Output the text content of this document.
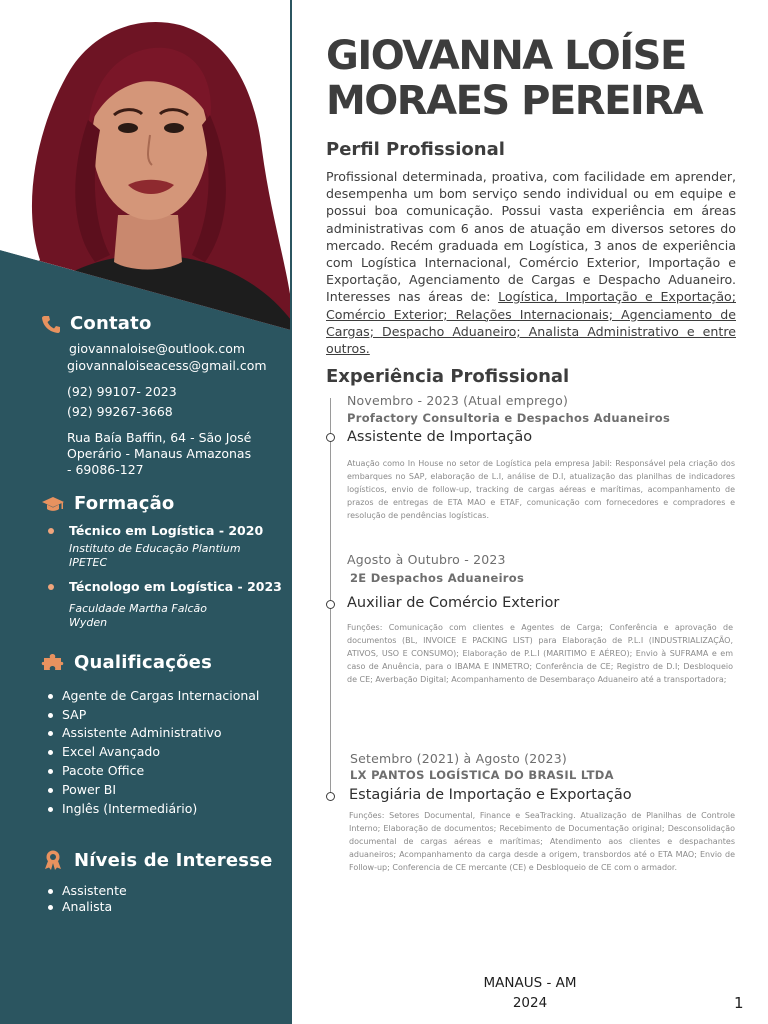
Contato
giovannaloise@outlook.com
giovannaloiseacess@gmail.com
(92) 99107- 2023
(92) 99267-3668
Rua Baía Baffin, 64 - São José
Operário - Manaus Amazonas
- 69086-127
Formação
Técnico em Logística - 2020
Instituto de Educação Plantium
IPETEC
Técnologo em Logística - 2023
Faculdade Martha Falcão
Wyden
Qualificações
Agente de Cargas Internacional
SAP
Assistente Administrativo
Excel Avançado
Pacote Office
Power BI
Inglês (Intermediário)
Níveis de Interesse
Assistente
Analista
GIOVANNA LOÍSE
MORAES PEREIRA
Perfil Profissional

Profissional determinada, proativa, com facilidade em aprender, desempenha um bom serviço sendo individual ou em equipe e possui boa comunicação. Possui vasta experiência em áreas administrativas com 6 anos de atuação em diversos setores do mercado. Recém graduada em Logística, 3 anos de experiência com Logística Internacional, Comércio Exterior, Importação e Exportação, Agenciamento de Cargas e Despacho Aduaneiro. Interesses nas áreas de: Logística, Importação e Exportação; Comércio Exterior; Relações Internacionais; Agenciamento de Cargas; Despacho Aduaneiro; Analista Administrativo e entre outros.

Experiência Profissional
Novembro - 2023 (Atual emprego)
Profactory Consultoria e Despachos Aduaneiros
Assistente de Importação

Atuação como In House no setor de Logística pela empresa Jabil: Responsável pela criação dos embarques no SAP, elaboração de L.I, análise de D.I, atualização das planilhas de indicadores logísticos, envio de follow-up, tracking de cargas aéreas e marítimas, acompanhamento de prazos de entregas de ETA MAO e ETAF, comunicação com fornecedores e compradores e resolução de pendências logísticas.

Agosto à Outubro - 2023
2E Despachos Aduaneiros
Auxiliar de Comércio Exterior

Funções: Comunicação com clientes e Agentes de Carga; Conferência e aprovação de documentos (BL, INVOICE E PACKING LIST) para Elaboração de P.L.I (INDUSTRIALIZAÇÃO, ATIVOS, USO E CONSUMO); Elaboração de P.L.I (MARITIMO E AÉREO); Envio à SUFRAMA e em caso de Anuência, para o IBAMA E INMETRO; Conferência de CE; Registro de D.I; Desbloqueio de CE; Averbação Digital; Acompanhamento de Desembaraço Aduaneiro até a transportadora;

Setembro (2021) à Agosto (2023)
LX PANTOS LOGÍSTICA DO BRASIL LTDA
Estagiária de Importação e Exportação

Funções: Setores Documental, Finance e SeaTracking. Atualização de Planilhas de Controle Interno; Elaboração de documentos; Recebimento de Documentação original; Desconsolidação documental de cargas aéreas e marítimas; Atendimento aos clientes e despachantes aduaneiros; Acompanhamento da carga desde a origem, transbordos até o ETA MAO; Envio de Follow-up; Conferencia de CE mercante (CE) e Desbloqueio de CE com o armador.

MANAUS - AM
2024	1
